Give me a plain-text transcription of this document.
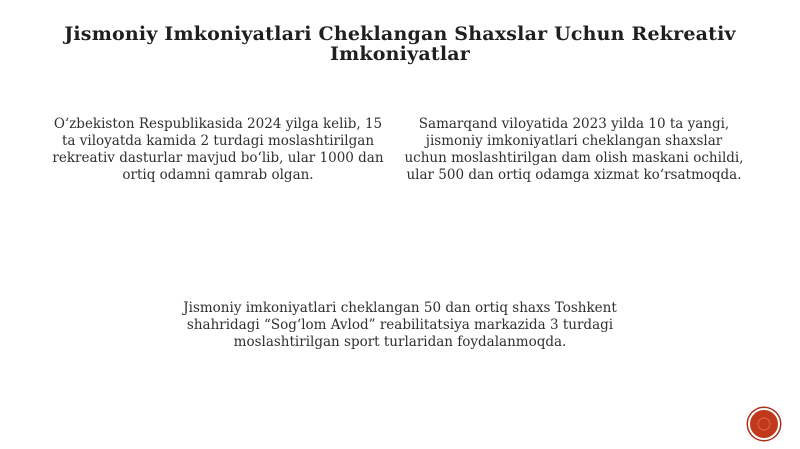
Jismoniy Imkoniyatlari Cheklangan Shaxslar Uchun Rekreativ Imkoniyatlar
O‘zbekiston Respublikasida 2024 yilga kelib, 15 ta viloyatda kamida 2 turdagi moslashtirilgan rekreativ dasturlar mavjud bo‘lib, ular 1000 dan ortiq odamni qamrab olgan.
Samarqand viloyatida 2023 yilda 10 ta yangi, jismoniy imkoniyatlari cheklangan shaxslar uchun moslashtirilgan dam olish maskani ochildi, ular 500 dan ortiq odamga xizmat ko‘rsatmoqda.
Jismoniy imkoniyatlari cheklangan 50 dan ortiq shaxs Toshkent shahridagi “Sog‘lom Avlod” reabilitatsiya markazida 3 turdagi moslashtirilgan sport turlaridan foydalanmoqda.
